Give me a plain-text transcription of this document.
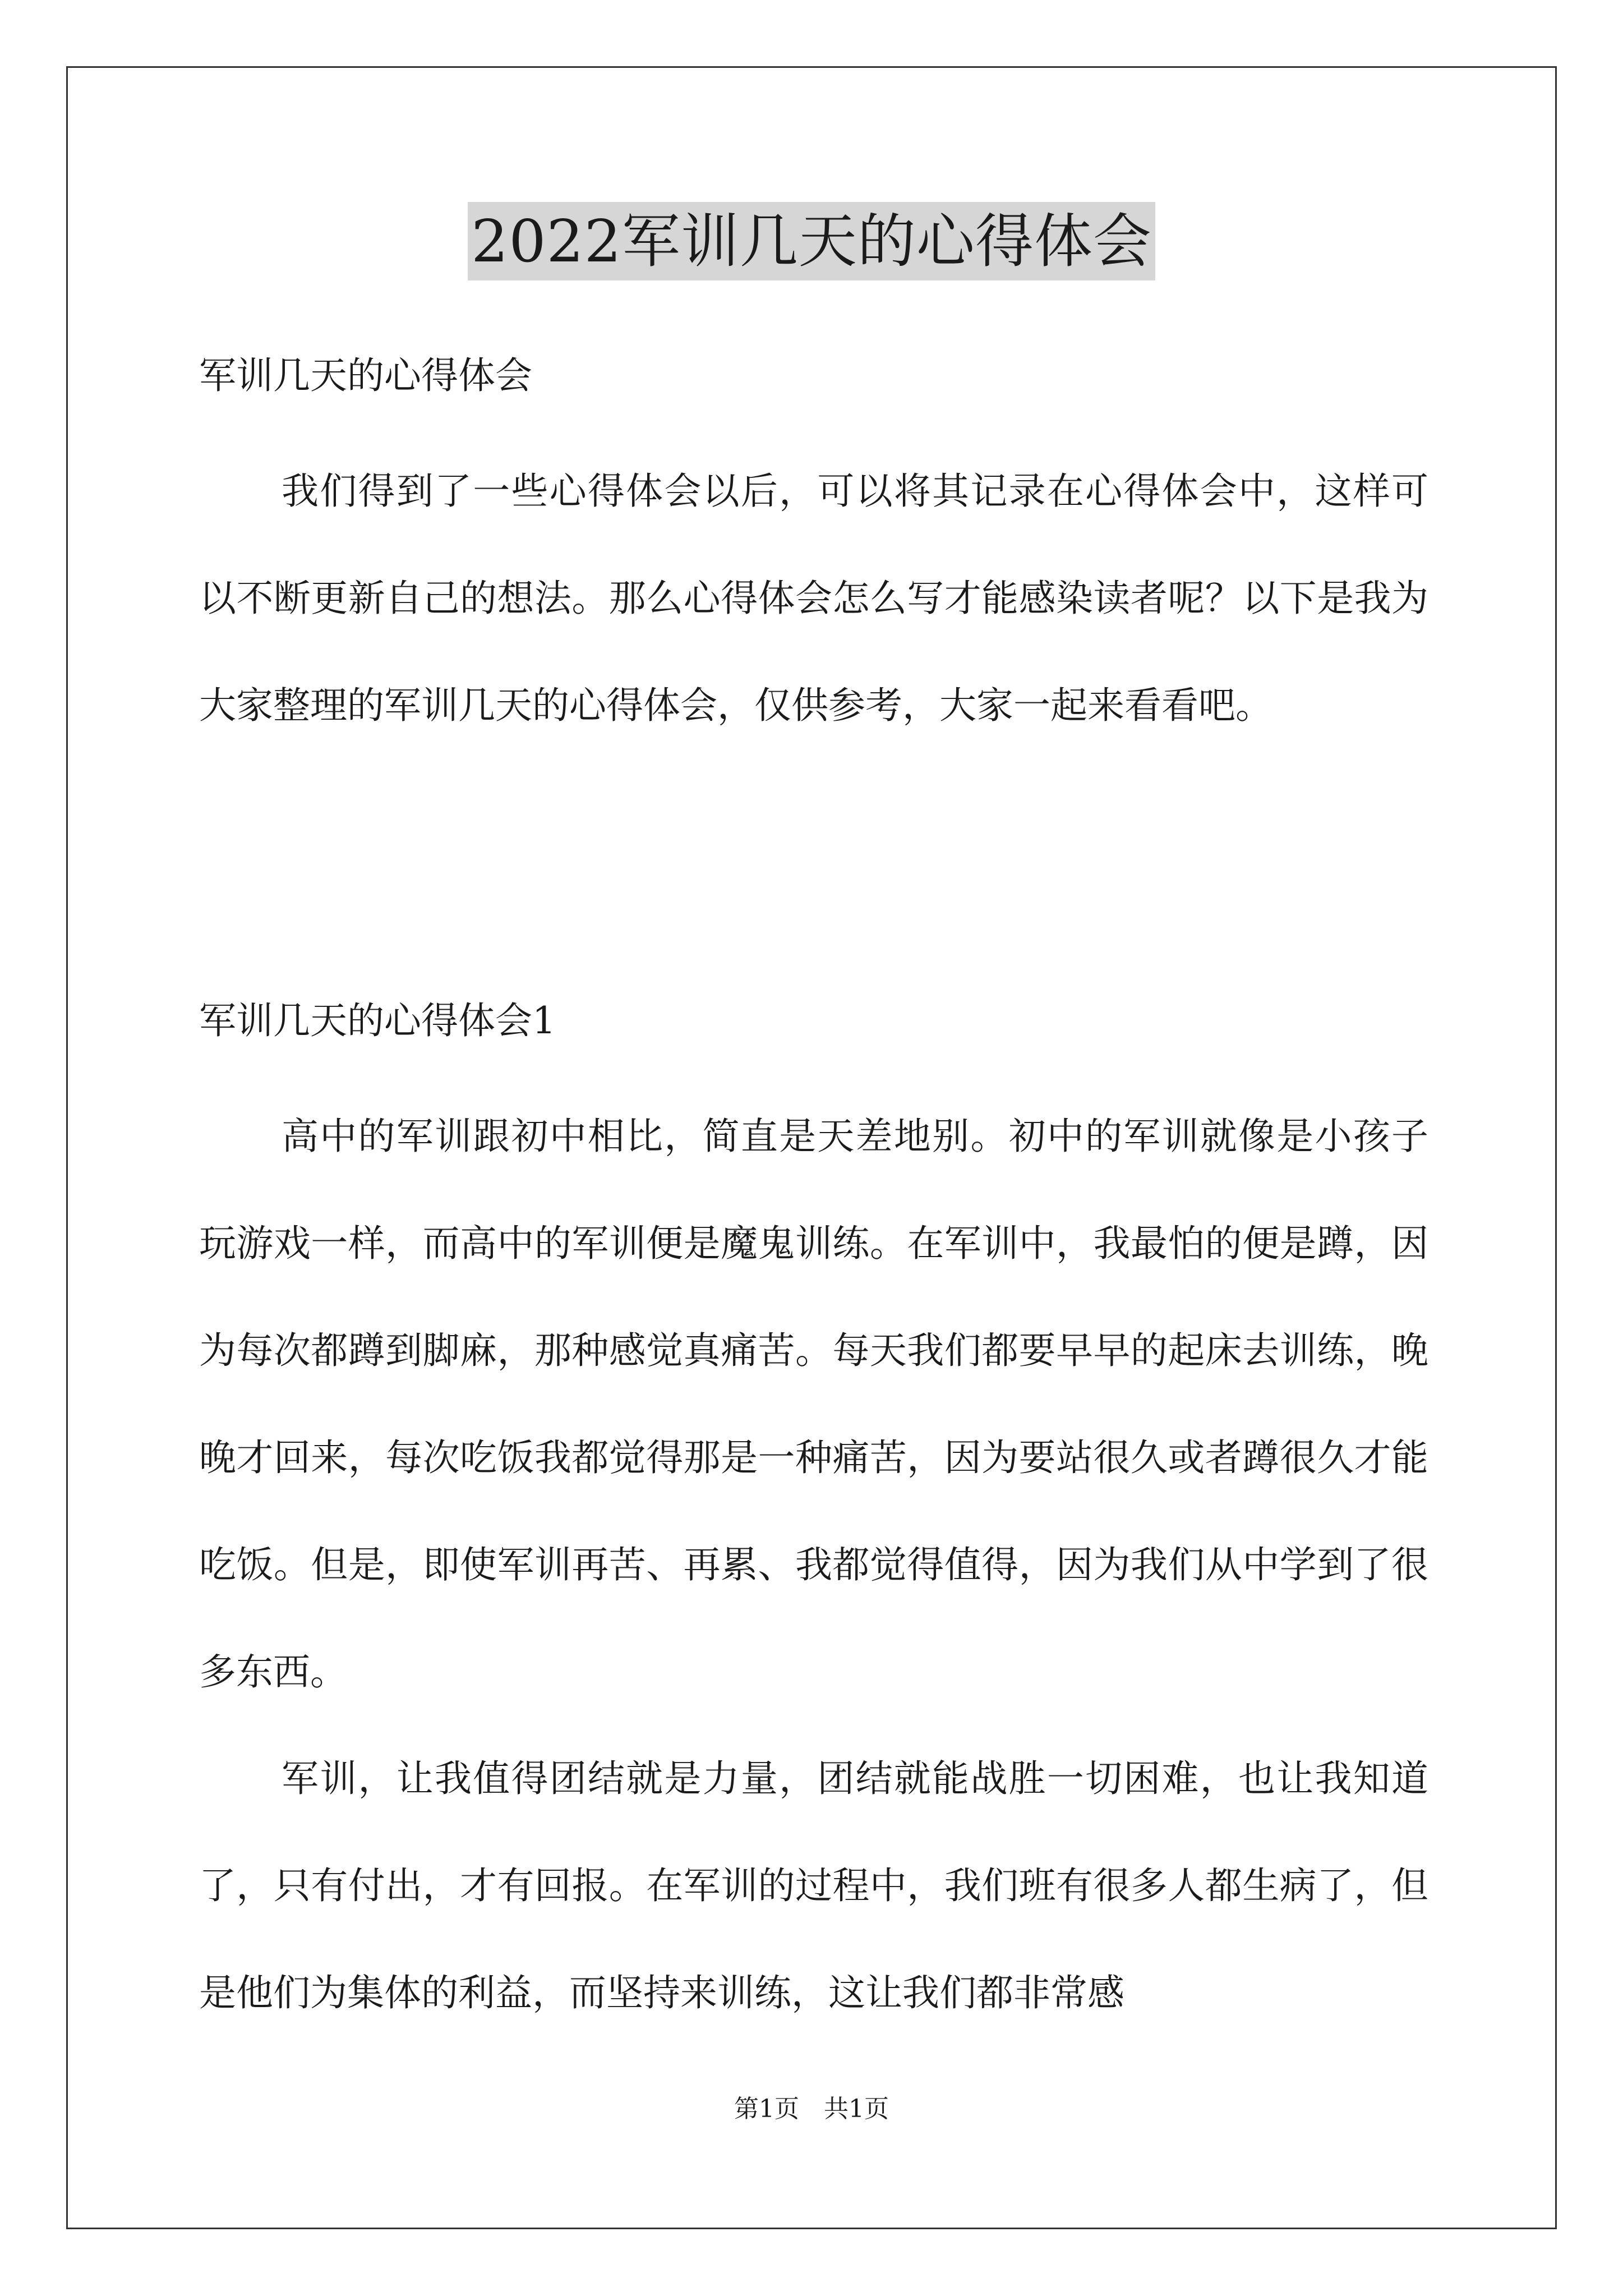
2022军训几天的心得体会
军训几天的心得体会
我们得到了一些心得体会以后，可以将其记录在心得体会中，这样可以不断更新自己的想法。那么心得体会怎么写才能感染读者呢？以下是我为大家整理的军训几天的心得体会，仅供参考，大家一起来看看吧。
军训几天的心得体会1
高中的军训跟初中相比，简直是天差地别。初中的军训就像是小孩子玩游戏一样，而高中的军训便是魔鬼训练。在军训中，我最怕的便是蹲，因为每次都蹲到脚麻，那种感觉真痛苦。每天我们都要早早的起床去训练，晚晚才回来，每次吃饭我都觉得那是一种痛苦，因为要站很久或者蹲很久才能吃饭。但是，即使军训再苦、再累、我都觉得值得，因为我们从中学到了很多东西。
军训，让我值得团结就是力量，团结就能战胜一切困难，也让我知道了，只有付出，才有回报。在军训的过程中，我们班有很多人都生病了，但是他们为集体的利益，而坚持来训练，这让我们都非常感
第1页　共1页
